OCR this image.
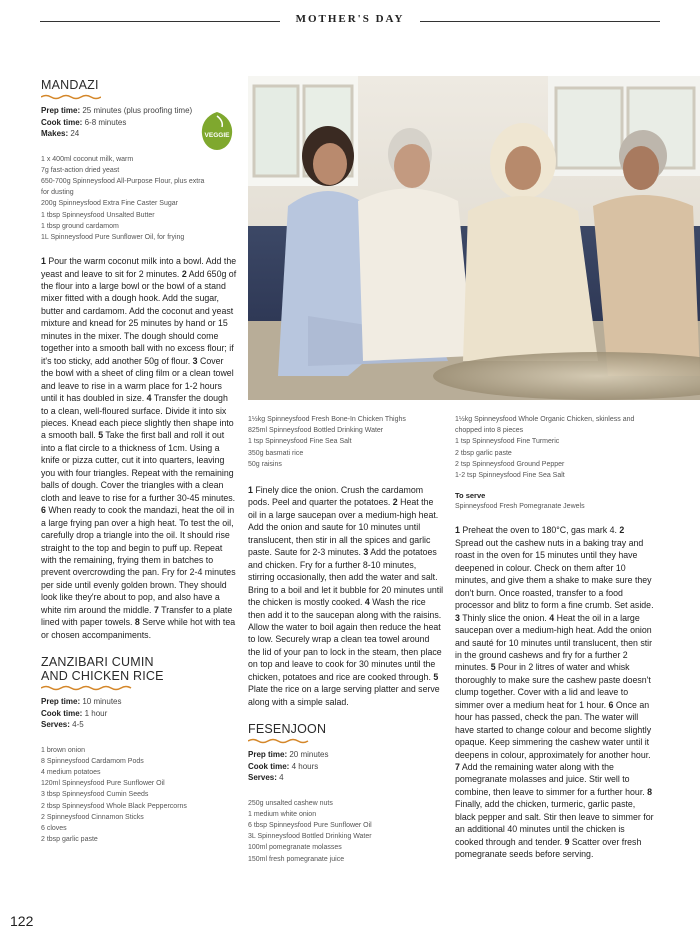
MOTHER'S DAY
VEGGIE
MANDAZI
Prep time: 25 minutes (plus proofing time)
Cook time: 6-8 minutes
Makes: 24
1 x 400ml coconut milk, warm
7g fast-action dried yeast
650-700g Spinneysfood All-Purpose Flour, plus extra
for dusting
200g Spinneysfood Extra Fine Caster Sugar
1 tbsp Spinneysfood Unsalted Butter
1 tbsp ground cardamom
1L Spinneysfood Pure Sunflower Oil, for frying

1 Pour the warm coconut milk into a bowl. Add the yeast and leave to sit for 2 minutes. 2 Add 650g of the flour into a large bowl or the bowl of a stand mixer fitted with a dough hook. Add the sugar, butter and cardamom. Add the coconut and yeast mixture and knead for 25 minutes by hand or 15 minutes in the mixer. The dough should come together into a smooth ball with no excess flour; if it's too sticky, add another 50g of flour. 3 Cover the bowl with a sheet of cling film or a clean towel and leave to rise in a warm place for 1-2 hours until it has doubled in size. 4 Transfer the dough to a clean, well-floured surface. Divide it into six pieces. Knead each piece slightly then shape into a smooth ball. 5 Take the first ball and roll it out into a flat circle to a thickness of 1cm. Using a knife or pizza cutter, cut it into quarters, leaving you with four triangles. Repeat with the remaining balls of dough. Cover the triangles with a clean cloth and leave to rise for a further 30-45 minutes. 6 When ready to cook the mandazi, heat the oil in a large frying pan over a high heat. To test the oil, carefully drop a triangle into the oil. It should rise straight to the top and begin to puff up. Repeat with the remaining, frying them in batches to prevent overcrowding the pan. Fry for 2-4 minutes per side until evenly golden brown. They should look like they're about to pop, and also have a white rim around the middle. 7 Transfer to a plate lined with paper towels. 8 Serve while hot with tea or chosen accompaniments.

ZANZIBARI CUMIN
AND CHICKEN RICE
Prep time: 10 minutes
Cook time: 1 hour
Serves: 4-5
1 brown onion
8 Spinneysfood Cardamom Pods
4 medium potatoes
120ml Spinneysfood Pure Sunflower Oil
3 tbsp Spinneysfood Cumin Seeds
2 tbsp Spinneysfood Whole Black Peppercorns
2 Spinneysfood Cinnamon Sticks
6 cloves
2 tbsp garlic paste
1½kg Spinneysfood Fresh Bone-In Chicken Thighs
825ml Spinneysfood Bottled Drinking Water
1 tsp Spinneysfood Fine Sea Salt
350g basmati rice
50g raisins

1 Finely dice the onion. Crush the cardamom pods. Peel and quarter the potatoes. 2 Heat the oil in a large saucepan over a medium-high heat. Add the onion and saute for 10 minutes until translucent, then stir in all the spices and garlic paste. Saute for 2-3 minutes. 3 Add the potatoes and chicken. Fry for a further 8-10 minutes, stirring occasionally, then add the water and salt. Bring to a boil and let it bubble for 20 minutes until the chicken is mostly cooked. 4 Wash the rice then add it to the saucepan along with the raisins. Allow the water to boil again then reduce the heat to low. Securely wrap a clean tea towel around the lid of your pan to lock in the steam, then place on top and leave to cook for 30 minutes until the chicken, potatoes and rice are cooked through. 5 Plate the rice on a large serving platter and serve along with a simple salad.

FESENJOON
Prep time: 20 minutes
Cook time: 4 hours
Serves: 4
250g unsalted cashew nuts
1 medium white onion
6 tbsp Spinneysfood Pure Sunflower Oil
3L Spinneysfood Bottled Drinking Water
100ml pomegranate molasses
150ml fresh pomegranate juice
1½kg Spinneysfood Whole Organic Chicken, skinless and
chopped into 8 pieces
1 tsp Spinneysfood Fine Turmeric
2 tbsp garlic paste
2 tsp Spinneysfood Ground Pepper
1-2 tsp Spinneysfood Fine Sea Salt
To serve
Spinneysfood Fresh Pomegranate Jewels

1 Preheat the oven to 180°C, gas mark 4. 2 Spread out the cashew nuts in a baking tray and roast in the oven for 15 minutes until they have deepened in colour. Check on them after 10 minutes, and give them a shake to make sure they don't burn. Once roasted, transfer to a food processor and blitz to form a fine crumb. Set aside. 3 Thinly slice the onion. 4 Heat the oil in a large saucepan over a medium-high heat. Add the onion and sauté for 10 minutes until translucent, then stir in the ground cashews and fry for a further 2 minutes. 5 Pour in 2 litres of water and whisk thoroughly to make sure the cashew paste doesn't clump together. Cover with a lid and leave to simmer over a medium heat for 1 hour. 6 Once an hour has passed, check the pan. The water will have started to change colour and become slightly opaque. Keep simmering the cashew water until it deepens in colour, approximately for another hour. 7 Add the remaining water along with the pomegranate molasses and juice. Stir well to combine, then leave to simmer for a further hour. 8 Finally, add the chicken, turmeric, garlic paste, black pepper and salt. Stir then leave to simmer for an additional 40 minutes until the chicken is cooked through and tender. 9 Scatter over fresh pomegranate seeds before serving.

122
